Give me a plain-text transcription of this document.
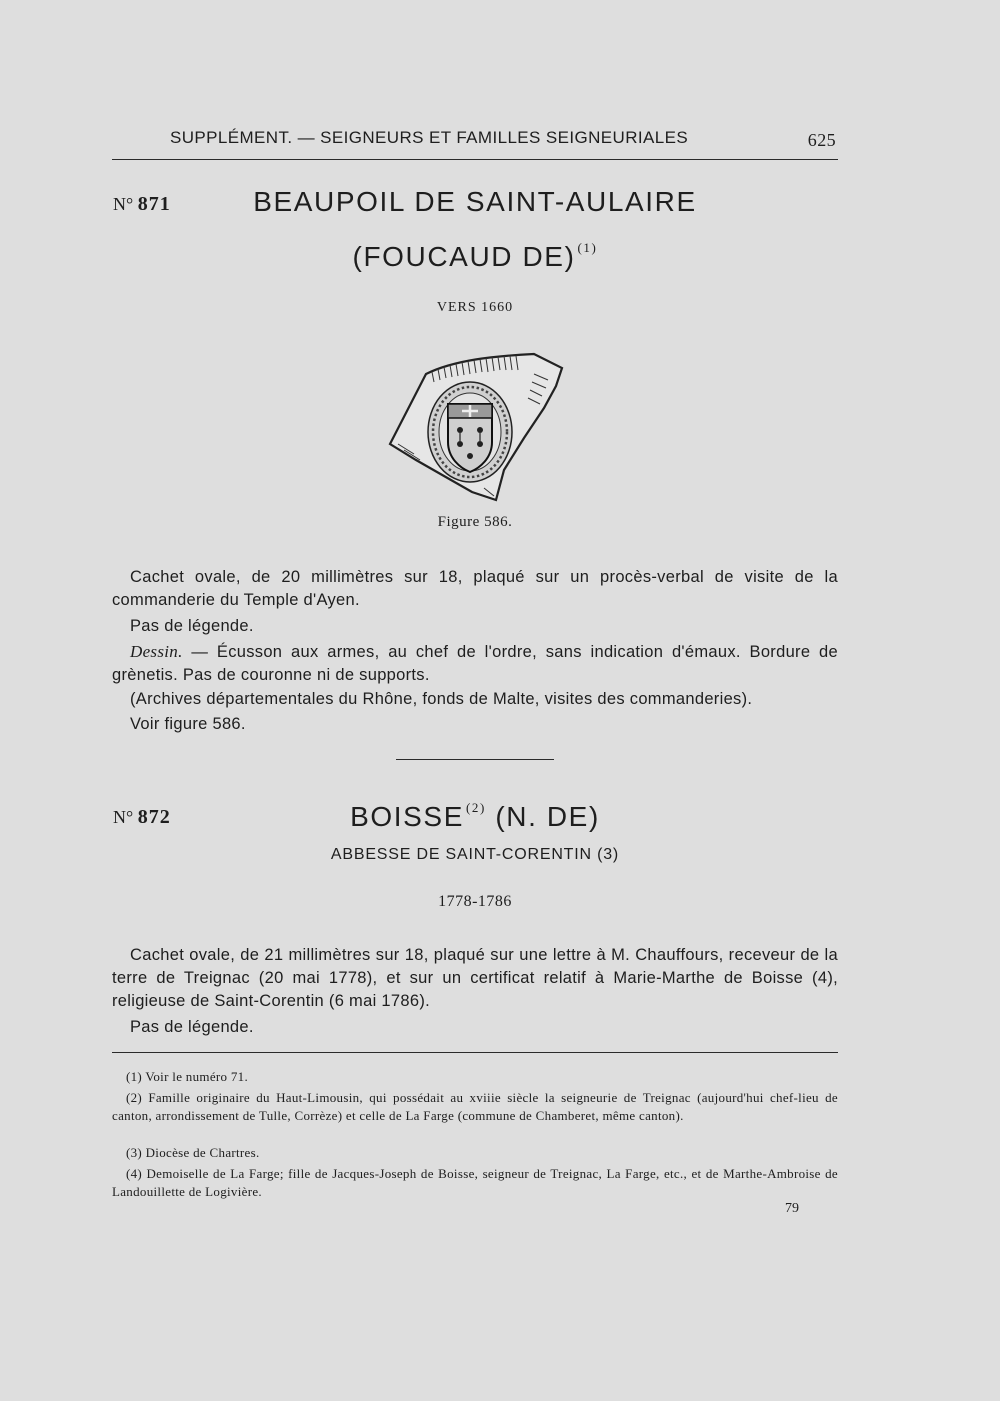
SUPPLÉMENT. — SEIGNEURS ET FAMILLES SEIGNEURIALES	625
N° 871	BEAUPOIL DE SAINT-AULAIRE
(FOUCAUD DE) $^{(1)}$
VERS 1660
Figure 586.
Cachet ovale, de 20 millimètres sur 18, plaqué sur un procès-verbal de visite de la commanderie du Temple d'Ayen.
Pas de légende.
Dessin. — Écusson aux armes, au chef de l'ordre, sans indication d'émaux. Bordure de grènetis. Pas de couronne ni de supports.
(Archives départementales du Rhône, fonds de Malte, visites des commanderies).
Voir figure 586.
N° 872	BOISSE $^{(2)}$ (N. DE)
ABBESSE DE SAINT-CORENTIN (3)
1778-1786
Cachet ovale, de 21 millimètres sur 18, plaqué sur une lettre à M. Chauffours, receveur de la terre de Treignac (20 mai 1778), et sur un certificat relatif à Marie-Marthe de Boisse (4), religieuse de Saint-Corentin (6 mai 1786).
Pas de légende.
(1) Voir le numéro 71.
(2) Famille originaire du Haut-Limousin, qui possédait au xviiie siècle la seigneurie de Treignac (aujourd'hui chef-lieu de canton, arrondissement de Tulle, Corrèze) et celle de La Farge (commune de Chamberet, même canton).
(3) Diocèse de Chartres.
(4) Demoiselle de La Farge; fille de Jacques-Joseph de Boisse, seigneur de Treignac, La Farge, etc., et de Marthe-Ambroise de Landouillette de Logivière.
79
